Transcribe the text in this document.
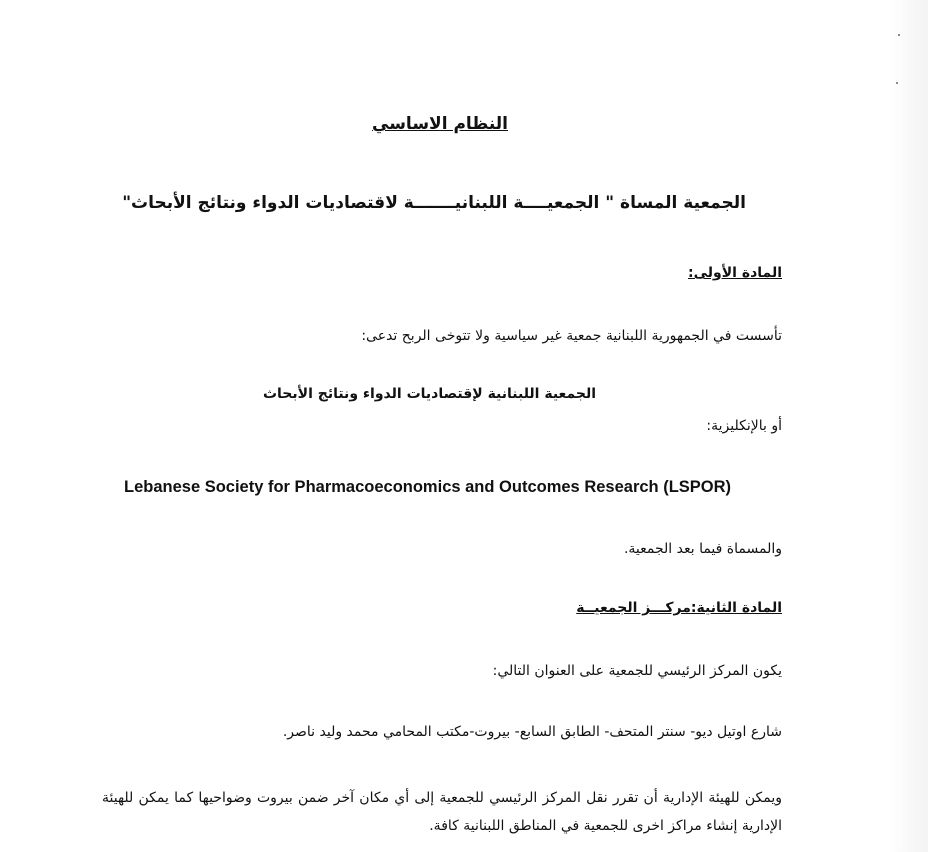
النظام الاساسي
الجمعية المساة " الجمعيــــة اللبنانيـــــــة لاقتصاديات الدواء ونتائج الأبحاث"
المادة الأولى:
تأسست في الجمهورية اللبنانية جمعية غير سياسية ولا تتوخى الربح تدعى:
الجمعية اللبنانية لإقتصاديات الدواء ونتائج الأبحاث
أو بالإنكليزية:
Lebanese Society for Pharmacoeconomics and Outcomes Research (LSPOR)
والمسماة فيما بعد الجمعية.
المادة الثانية:مركـــز الجمعيــة
يكون المركز الرئيسي للجمعية على العنوان التالي:
شارع اوتيل ديو- سنتر المتحف- الطابق السابع- بيروت-مكتب المحامي محمد وليد ناصر.
ويمكن للهيئة الإدارية أن تقرر نقل المركز الرئيسي للجمعية إلى أي مكان آخر ضمن بيروت وضواحيها كما يمكن للهيئة الإدارية إنشاء مراكز اخرى للجمعية في المناطق اللبنانية كافة.
